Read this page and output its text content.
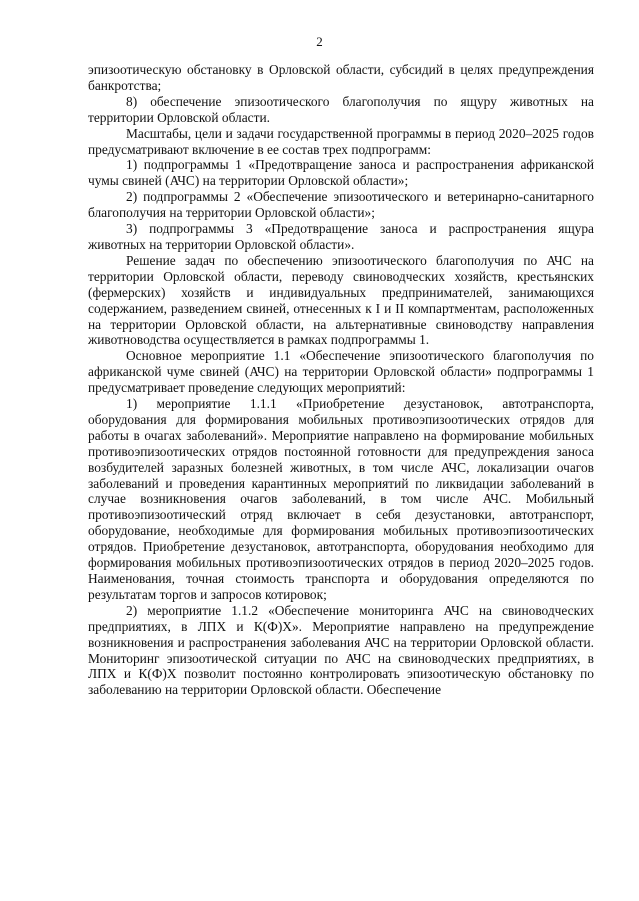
2

эпизоотическую обстановку в Орловской области, субсидий в целях предупреждения банкротства;

8) обеспечение эпизоотического благополучия по ящуру животных на территории Орловской области.

Масштабы, цели и задачи государственной программы в период 2020–2025 годов предусматривают включение в ее состав трех подпрограмм:

1) подпрограммы 1 «Предотвращение заноса и распространения африканской чумы свиней (АЧС) на территории Орловской области»;

2) подпрограммы 2 «Обеспечение эпизоотического и ветеринарно-санитарного благополучия на территории Орловской области»;

3) подпрограммы 3 «Предотвращение заноса и распространения ящура животных на территории Орловской области».

Решение задач по обеспечению эпизоотического благополучия по АЧС на территории Орловской области, переводу свиноводческих хозяйств, крестьянских (фермерских) хозяйств и индивидуальных предпринимателей, занимающихся содержанием, разведением свиней, отнесенных к I и II компартментам, расположенных на территории Орловской области, на альтернативные свиноводству направления животноводства осуществляется в рамках подпрограммы 1.

Основное мероприятие 1.1 «Обеспечение эпизоотического благополучия по африканской чуме свиней (АЧС) на территории Орловской области» подпрограммы 1 предусматривает проведение следующих мероприятий:

1) мероприятие 1.1.1 «Приобретение дезустановок, автотранспорта, оборудования для формирования мобильных противоэпизоотических отрядов для работы в очагах заболеваний». Мероприятие направлено на формирование мобильных противоэпизоотических отрядов постоянной готовности для предупреждения заноса возбудителей заразных болезней животных, в том числе АЧС, локализации очагов заболеваний и проведения карантинных мероприятий по ликвидации заболеваний в случае возникновения очагов заболеваний, в том числе АЧС. Мобильный противоэпизоотический отряд включает в себя дезустановки, автотранспорт, оборудование, необходимые для формирования мобильных противоэпизоотических отрядов. Приобретение дезустановок, автотранспорта, оборудования необходимо для формирования мобильных противоэпизоотических отрядов в период 2020–2025 годов. Наименования, точная стоимость транспорта и оборудования определяются по результатам торгов и запросов котировок;

2) мероприятие 1.1.2 «Обеспечение мониторинга АЧС на свиноводческих предприятиях, в ЛПХ и К(Ф)Х». Мероприятие направлено на предупреждение возникновения и распространения заболевания АЧС на территории Орловской области. Мониторинг эпизоотической ситуации по АЧС на свиноводческих предприятиях, в ЛПХ и К(Ф)Х позволит постоянно контролировать эпизоотическую обстановку по заболеванию на территории Орловской области. Обеспечение
